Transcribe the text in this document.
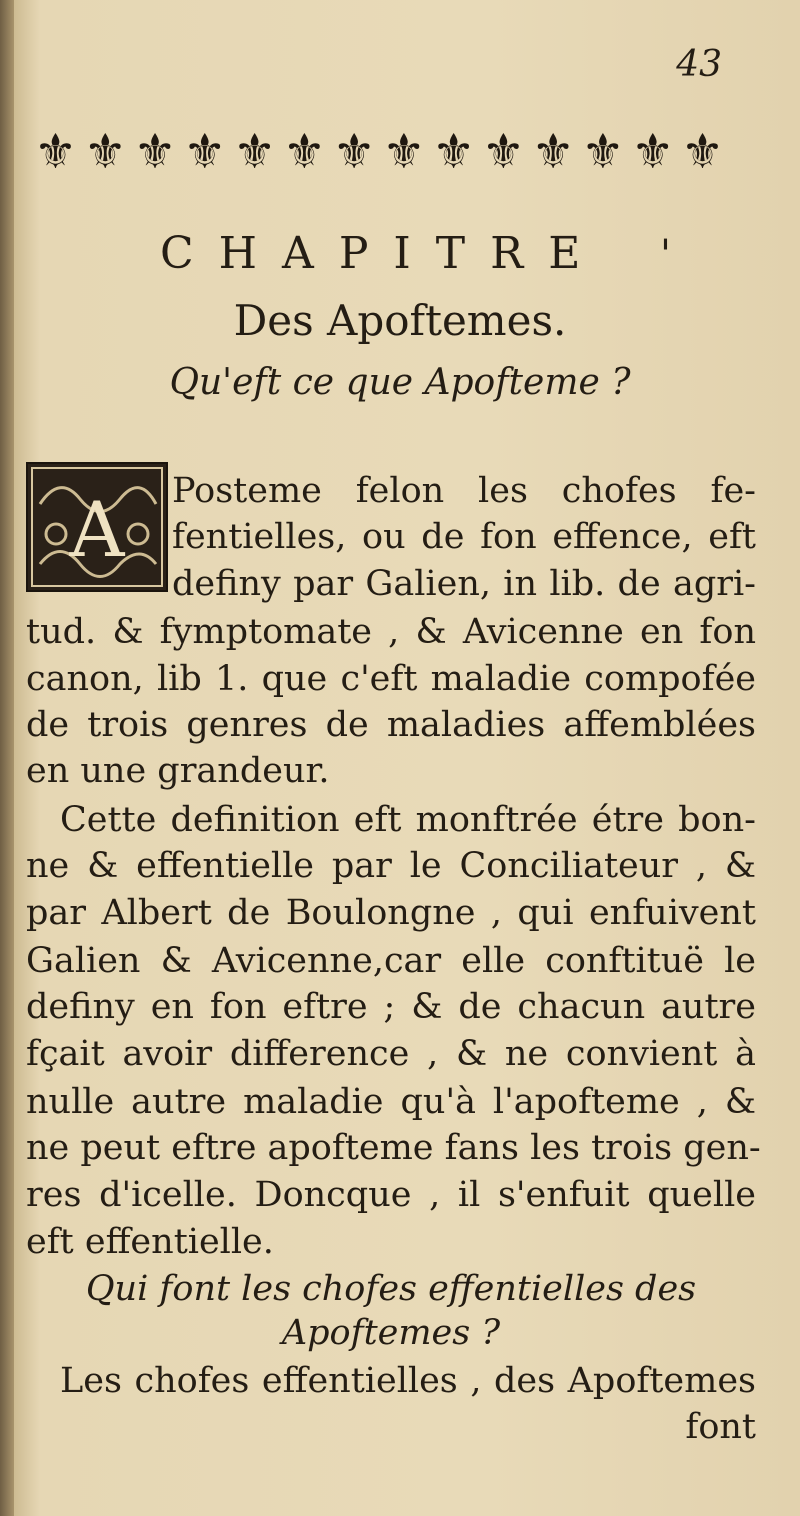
43
⚜ ⚜ ⚜ ⚜ ⚜ ⚜ ⚜ ⚜ ⚜ ⚜ ⚜ ⚜ ⚜ ⚜
CHAPITRE '
Des Apoftemes.
Qu'eft ce que Apofteme ?
A Posteme felon les chofes fe-
fentielles, ou de fon effence, eft
definy par Galien, in lib. de agri-
tud. & fymptomate , & Avicenne en fon
canon, lib 1. que c'eft maladie compofée
de trois genres de maladies affemblées
en une grandeur.
Cette definition eft monftrée étre bon-
ne & effentielle par le Conciliateur , &
par Albert de Boulongne , qui enfuivent
Galien & Avicenne,car elle conftituë le
definy en fon eftre ; & de chacun autre
fçait avoir difference , & ne convient à
nulle autre maladie qu'à l'apofteme , &
ne peut eftre apofteme fans les trois gen-
res d'icelle. Doncque , il s'enfuit quelle
eft effentielle.
Qui font les chofes effentielles des
Apoftemes ?
Les chofes effentielles , des Apoftemes
font
